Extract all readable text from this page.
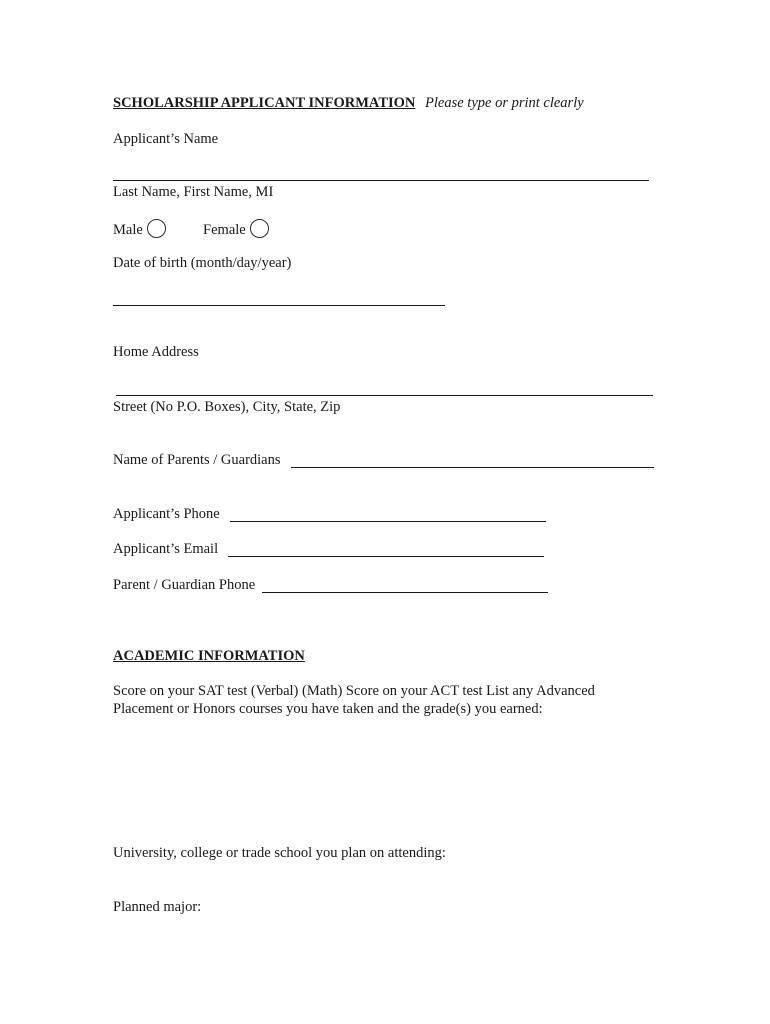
SCHOLARSHIP APPLICANT INFORMATION Please type or print clearly
Applicant’s Name
Last Name, First Name, MI
Male	Female
Date of birth (month/day/year)
Home Address
Street (No P.O. Boxes), City, State, Zip
Name of Parents / Guardians
Applicant’s Phone
Applicant’s Email
Parent / Guardian Phone
ACADEMIC INFORMATION
Score on your SAT test (Verbal) (Math) Score on your ACT test List any Advanced
Placement or Honors courses you have taken and the grade(s) you earned:
University, college or trade school you plan on attending:
Planned major:
